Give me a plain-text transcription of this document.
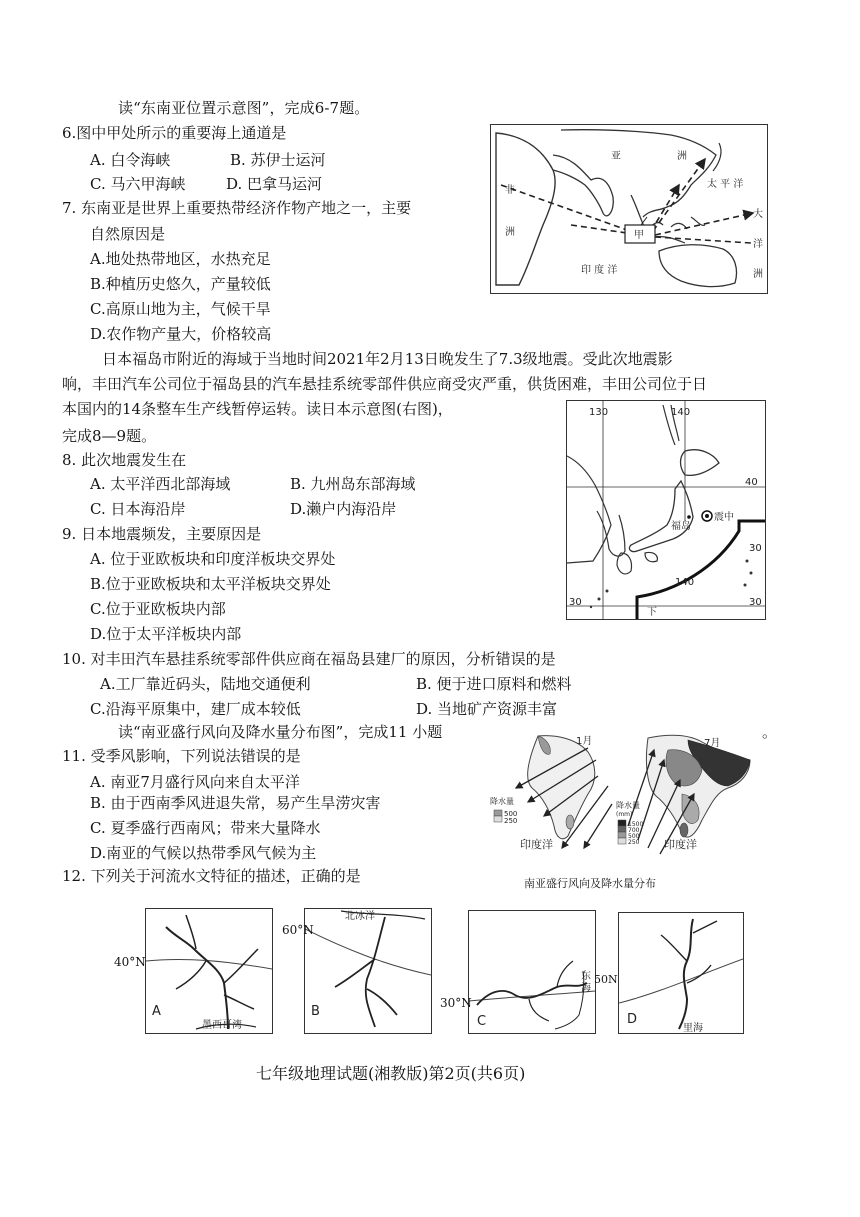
读“东南亚位置示意图”，完成6-7题。
6.图中甲处所示的重要海上通道是
A. 白令海峡	B. 苏伊士运河
C. 马六甲海峡	D. 巴拿马运河
7. 东南亚是世界上重要热带经济作物产地之一，主要
自然原因是
A.地处热带地区，水热充足
B.种植历史悠久，产量较低
C.高原山地为主，气候干旱
D.农作物产量大，价格较高
甲
亚	洲
非
洲
太 平 洋
印 度 洋
大
洋
洲
日本福岛市附近的海域于当地时间2021年2月13日晚发生了7.3级地震。受此次地震影
响，丰田汽车公司位于福岛县的汽车悬挂系统零部件供应商受灾严重，供货困难，丰田公司位于日
本国内的14条整车生产线暂停运转。读日本示意图(右图)，
完成8—9题。
130	140
40
30
140
30	30
福岛
震中
下
8. 此次地震发生在
A. 太平洋西北部海域	B. 九州岛东部海域
C. 日本海沿岸	D.濑户内海沿岸
9. 日本地震频发，主要原因是
A. 位于亚欧板块和印度洋板块交界处
B.位于亚欧板块和太平洋板块交界处
C.位于亚欧板块内部
D.位于太平洋板块内部
10. 对丰田汽车悬挂系统零部件供应商在福岛县建厂的原因，分析错误的是
A.工厂靠近码头，陆地交通便利	B. 便于进口原料和燃料
C.沿海平原集中，建厂成本较低	D. 当地矿产资源丰富
读“南亚盛行风向及降水量分布图”，完成11 小题	。
11. 受季风影响，下列说法错误的是
A. 南亚7月盛行风向来自太平洋
B. 由于西南季风进退失常，易产生旱涝灾害
C. 夏季盛行西南风；带来大量降水
D.南亚的气候以热带季风气候为主
12. 下列关于河流水文特征的描述，正确的是
1月
降水量
500
250
印度洋
7月
降水量
(mm)
1500
700
500
250 印度洋
南亚盛行风向及降水量分布
A
墨西哥湾
40°N
B
北冰洋
60°N
C
东
海
30°N
50N
D
里海
七年级地理试题(湘教版)第2页(共6页)
